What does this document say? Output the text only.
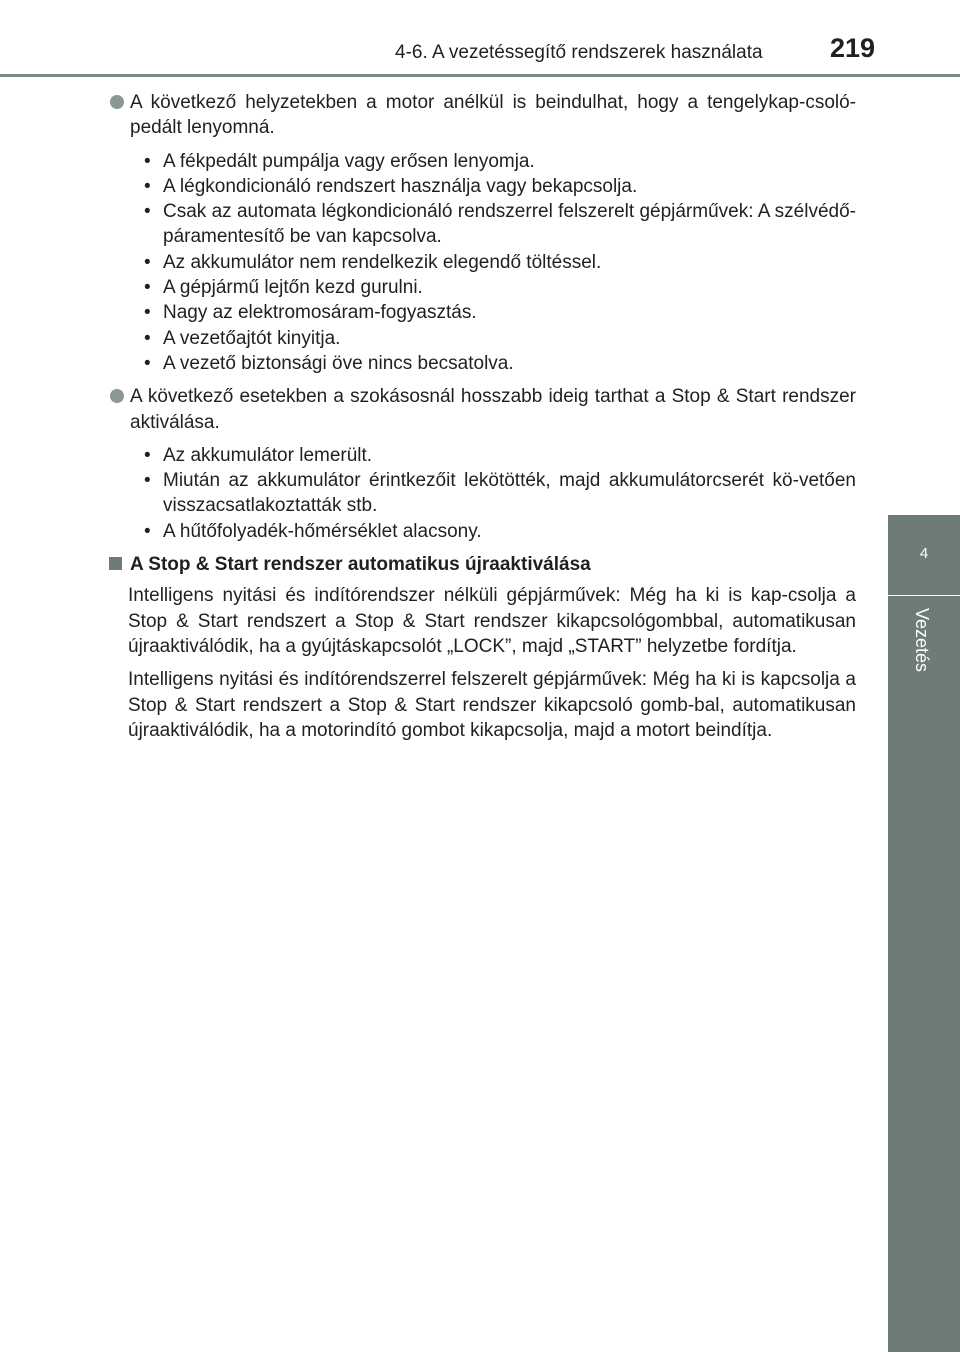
4-6. A vezetéssegítő rendszerek használata 219
4
Vezetés
A következő helyzetekben a motor anélkül is beindulhat, hogy a tengelykap-csoló-pedált lenyomná.
• A fékpedált pumpálja vagy erősen lenyomja.
• A légkondicionáló rendszert használja vagy bekapcsolja.
• Csak az automata légkondicionáló rendszerrel felszerelt gépjárművek: A szélvédő-páramentesítő be van kapcsolva.
• Az akkumulátor nem rendelkezik elegendő töltéssel.
• A gépjármű lejtőn kezd gurulni.
• Nagy az elektromosáram-fogyasztás.
• A vezetőajtót kinyitja.
• A vezető biztonsági öve nincs becsatolva.
A következő esetekben a szokásosnál hosszabb ideig tarthat a Stop & Start rendszer aktiválása.
• Az akkumulátor lemerült.
• Miután az akkumulátor érintkezőit lekötötték, majd akkumulátorcserét kö-vetően visszacsatlakoztatták stb.
• A hűtőfolyadék-hőmérséklet alacsony.
A Stop & Start rendszer automatikus újraaktiválása

Intelligens nyitási és indítórendszer nélküli gépjárművek: Még ha ki is kap-csolja a Stop & Start rendszert a Stop & Start rendszer kikapcsológombbal, automatikusan újraaktiválódik, ha a gyújtáskapcsolót „LOCK”, majd „START” helyzetbe fordítja.

Intelligens nyitási és indítórendszerrel felszerelt gépjárművek: Még ha ki is kapcsolja a Stop & Start rendszert a Stop & Start rendszer kikapcsoló gomb-bal, automatikusan újraaktiválódik, ha a motorindító gombot kikapcsolja, majd a motort beindítja.
